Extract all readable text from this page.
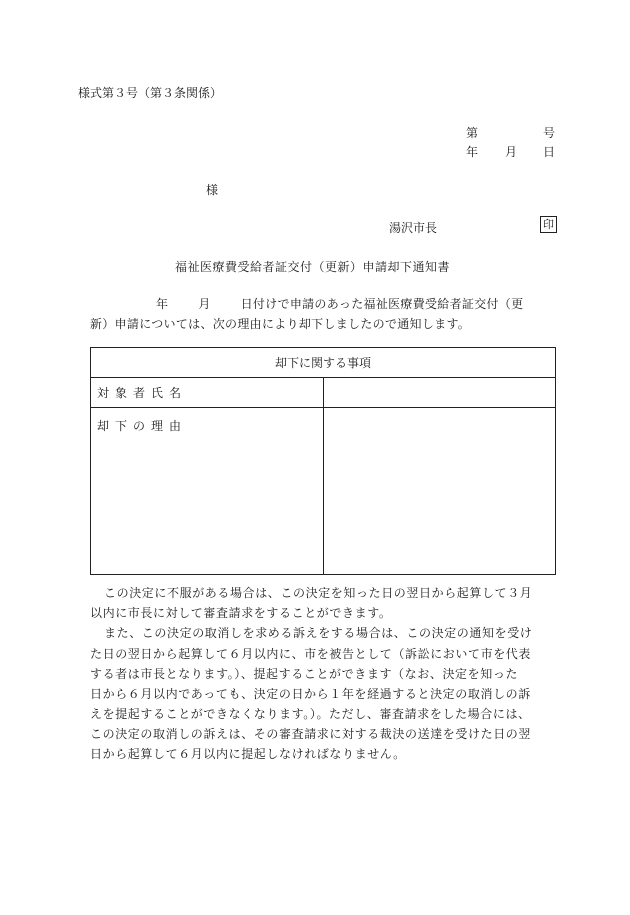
様式第３号（第３条関係）
第	号
年 月 日
様
湯沢市長	印
福祉医療費受給者証交付（更新）申請却下通知書
年	月	日付けで申請のあった福祉医療費受給者証交付（更
新）申請については、次の理由により却下しましたので通知します。
却下に関する事項	
対象者氏名	
却下の理由	
この決定に不服がある場合は、この決定を知った日の翌日から起算して３月
以内に市長に対して審査請求をすることができます。
また、この決定の取消しを求める訴えをする場合は、この決定の通知を受け
た日の翌日から起算して６月以内に、市を被告として（訴訟において市を代表
する者は市長となります。）、提起することができます（なお、決定を知った
日から６月以内であっても、決定の日から１年を経過すると決定の取消しの訴
えを提起することができなくなります。）。ただし、審査請求をした場合には、
この決定の取消しの訴えは、その審査請求に対する裁決の送達を受けた日の翌
日から起算して６月以内に提起しなければなりません。
